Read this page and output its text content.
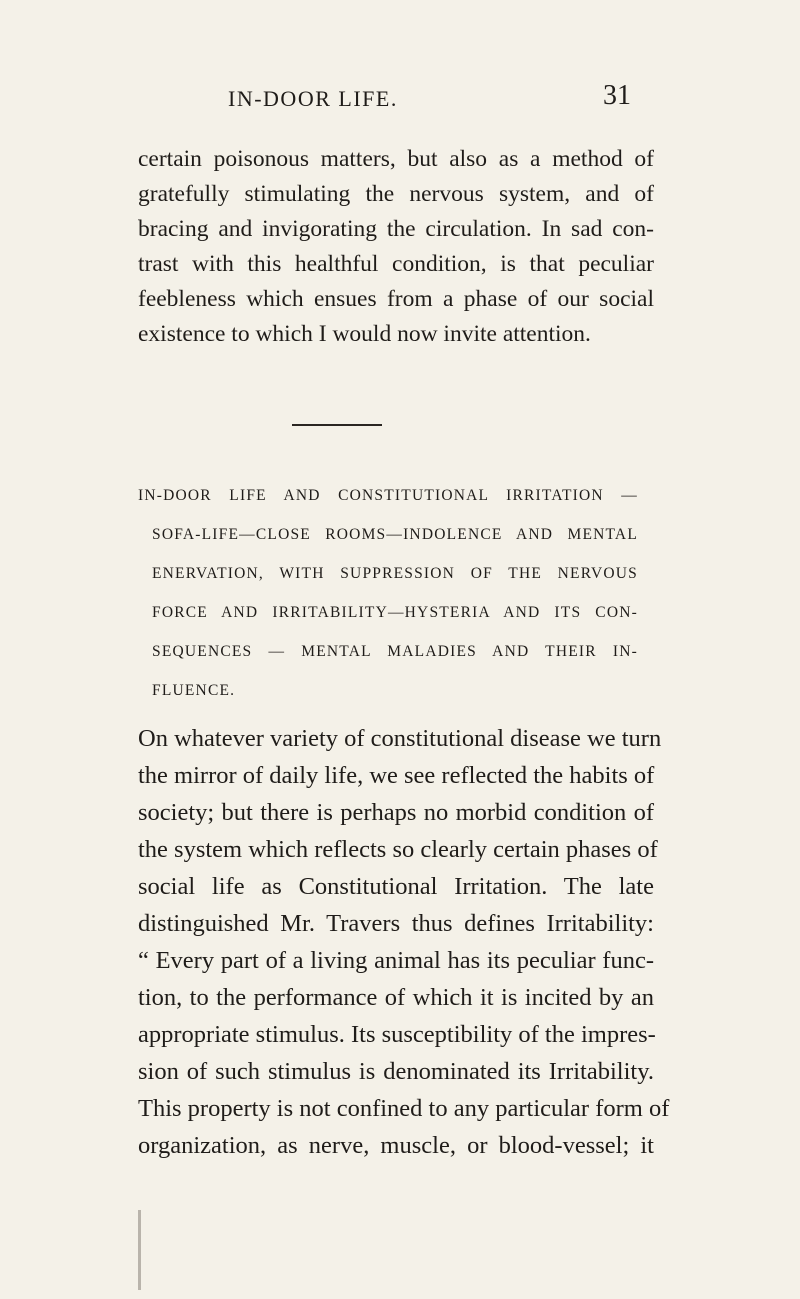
IN-DOOR LIFE.	31
certain poisonous matters, but also as a method of
gratefully stimulating the nervous system, and of
bracing and invigorating the circulation. In sad con-
trast with this healthful condition, is that peculiar
feebleness which ensues from a phase of our social
existence to which I would now invite attention.
IN-DOOR LIFE AND CONSTITUTIONAL IRRITATION —
SOFA-LIFE—CLOSE ROOMS—INDOLENCE AND MENTAL
ENERVATION, WITH SUPPRESSION OF THE NERVOUS
FORCE AND IRRITABILITY—HYSTERIA AND ITS CON-
SEQUENCES — MENTAL MALADIES AND THEIR IN-
FLUENCE.
On whatever variety of constitutional disease we turn
the mirror of daily life, we see reflected the habits of
society; but there is perhaps no morbid condition of
the system which reflects so clearly certain phases of
social life as Constitutional Irritation. The late
distinguished Mr. Travers thus defines Irritability:
“ Every part of a living animal has its peculiar func-
tion, to the performance of which it is incited by an
appropriate stimulus. Its susceptibility of the impres-
sion of such stimulus is denominated its Irritability.
This property is not confined to any particular form of
organization, as nerve, muscle, or blood-vessel; it
